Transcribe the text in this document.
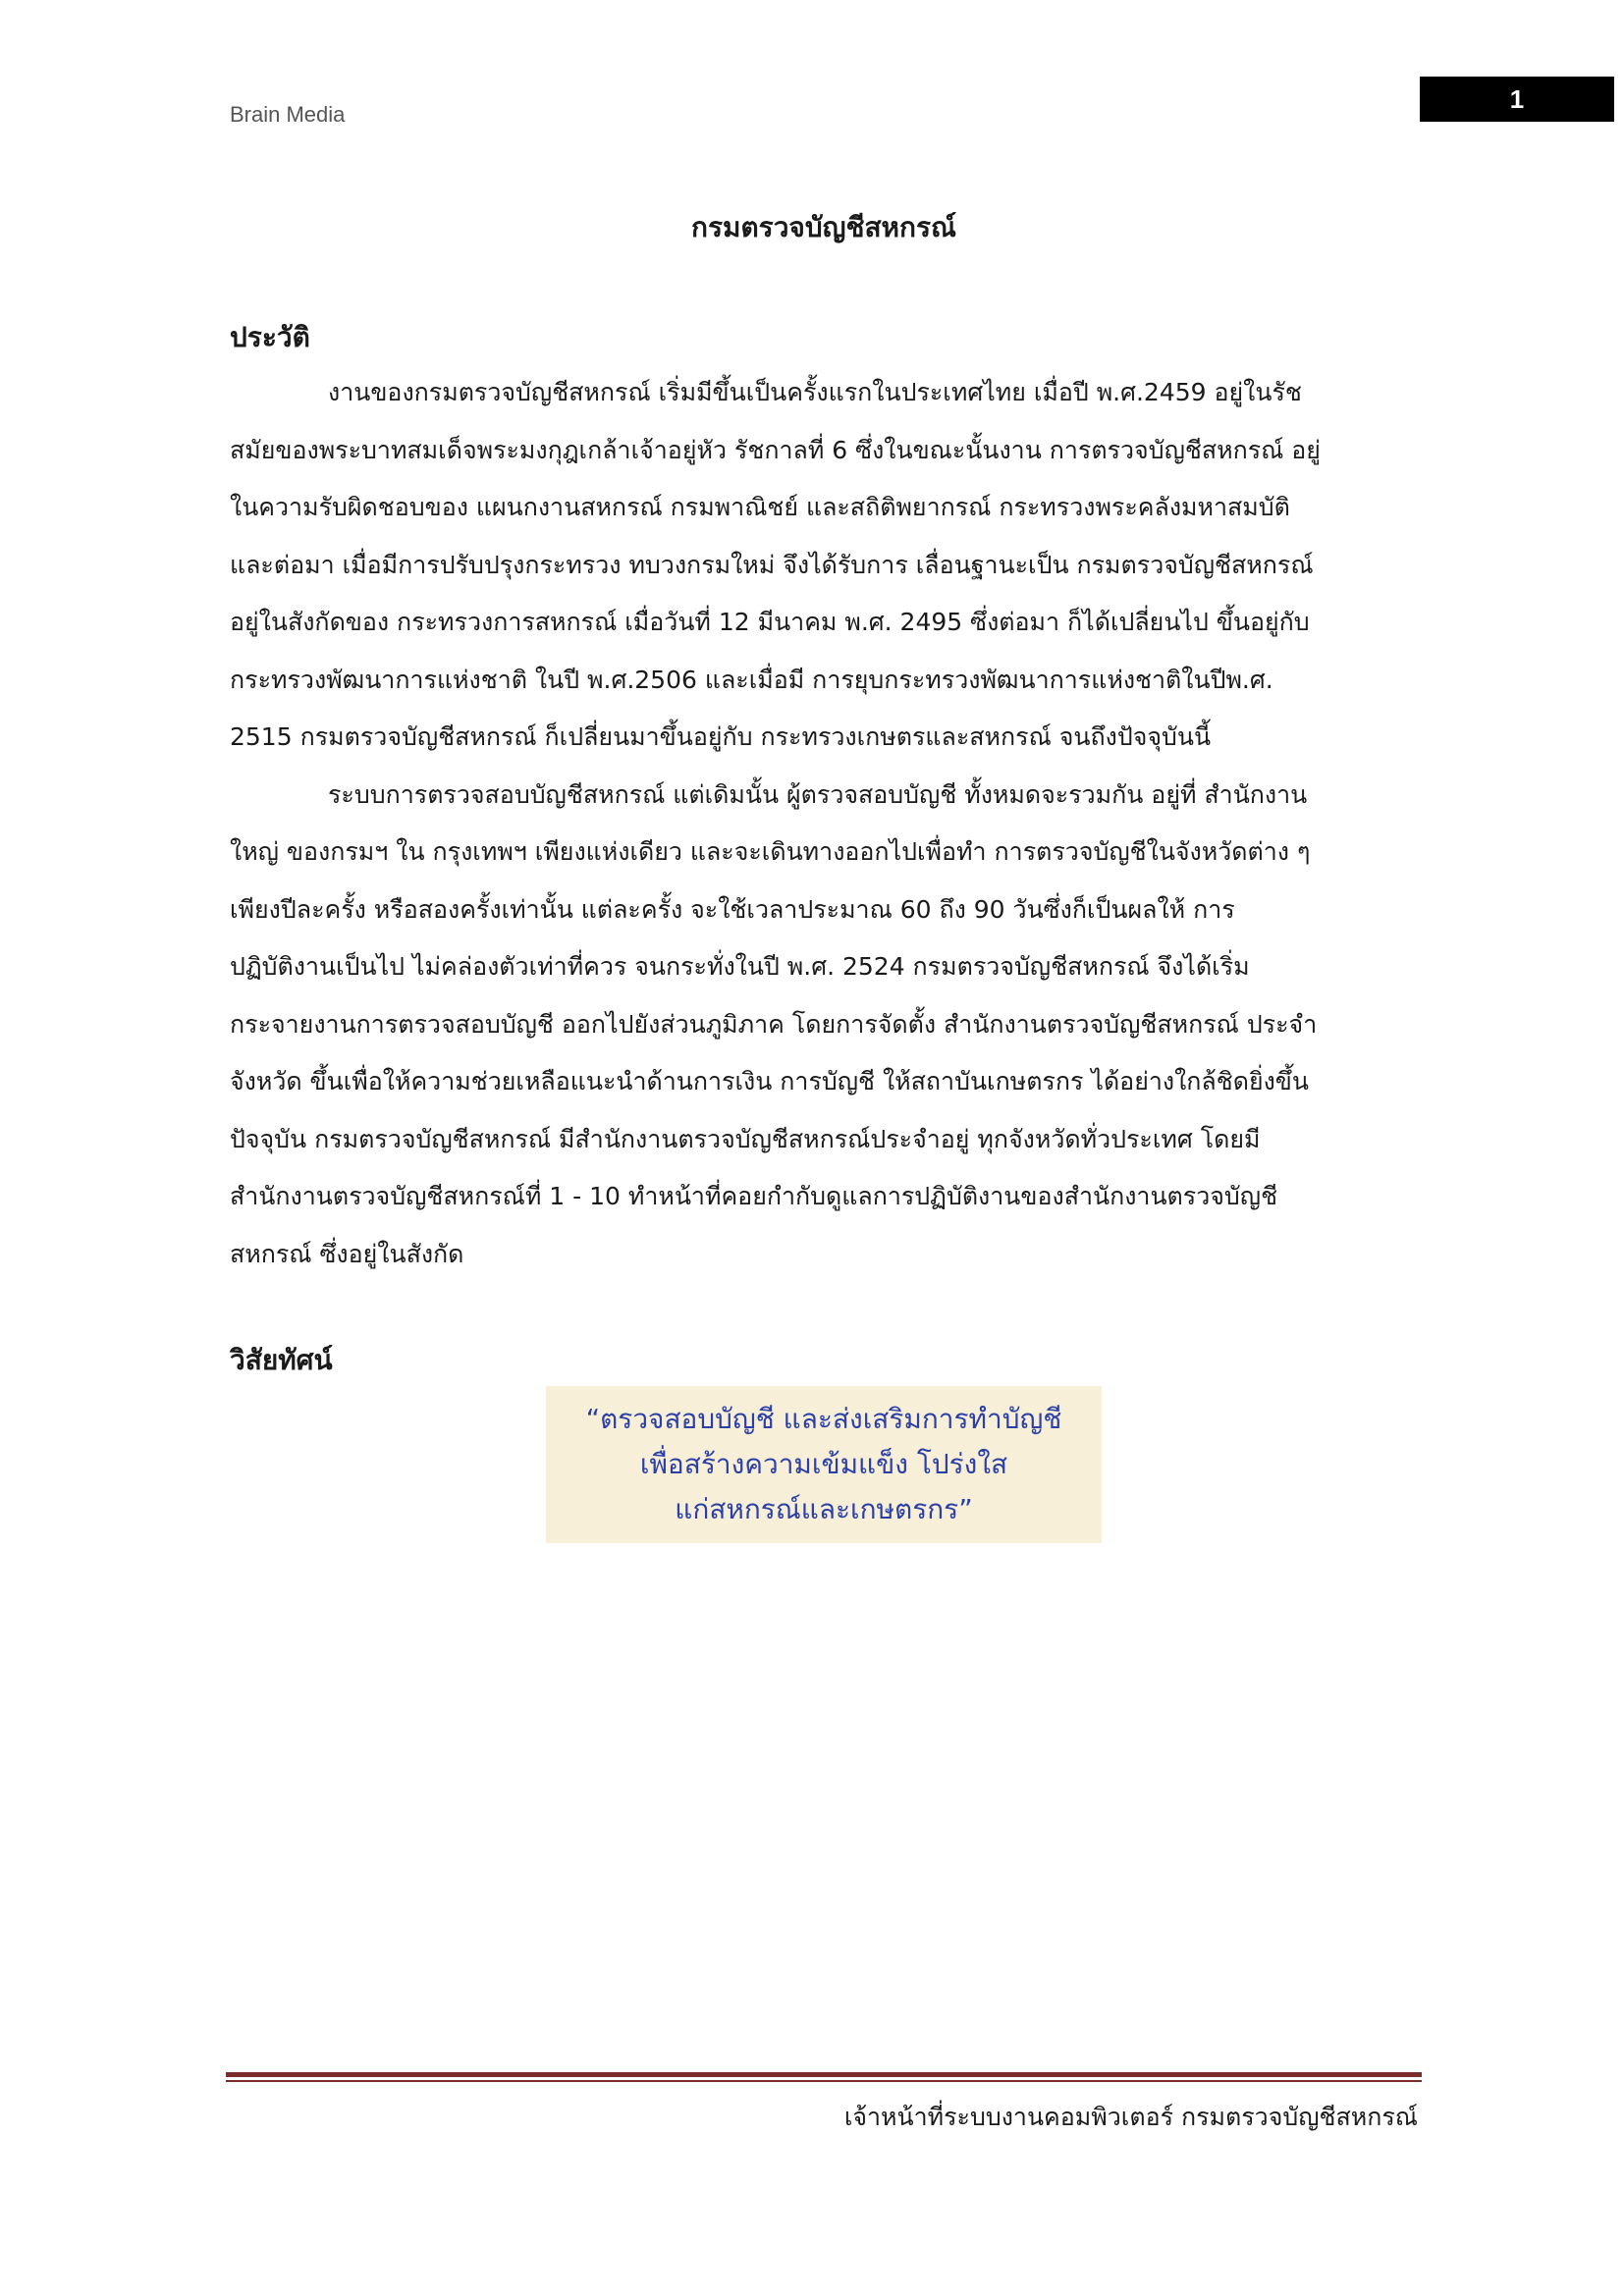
Brain Media
1
กรมตรวจบัญชีสหกรณ์
ประวัติ
งานของกรมตรวจบัญชีสหกรณ์ เริ่มมีขึ้นเป็นครั้งแรกในประเทศไทย เมื่อปี พ.ศ.2459 อยู่ในรัช
สมัยของพระบาทสมเด็จพระมงกุฎเกล้าเจ้าอยู่หัว รัชกาลที่ 6 ซึ่งในขณะนั้นงาน การตรวจบัญชีสหกรณ์ อยู่
ในความรับผิดชอบของ แผนกงานสหกรณ์ กรมพาณิชย์ และสถิติพยากรณ์ กระทรวงพระคลังมหาสมบัติ
และต่อมา เมื่อมีการปรับปรุงกระทรวง ทบวงกรมใหม่ จึงได้รับการ เลื่อนฐานะเป็น กรมตรวจบัญชีสหกรณ์
อยู่ในสังกัดของ กระทรวงการสหกรณ์ เมื่อวันที่ 12 มีนาคม พ.ศ. 2495 ซึ่งต่อมา ก็ได้เปลี่ยนไป ขึ้นอยู่กับ
กระทรวงพัฒนาการแห่งชาติ ในปี พ.ศ.2506 และเมื่อมี การยุบกระทรวงพัฒนาการแห่งชาติในปีพ.ศ.
2515 กรมตรวจบัญชีสหกรณ์ ก็เปลี่ยนมาขึ้นอยู่กับ กระทรวงเกษตรและสหกรณ์ จนถึงปัจจุบันนี้
ระบบการตรวจสอบบัญชีสหกรณ์ แต่เดิมนั้น ผู้ตรวจสอบบัญชี ทั้งหมดจะรวมกัน อยู่ที่ สำนักงาน
ใหญ่ ของกรมฯ ใน กรุงเทพฯ เพียงแห่งเดียว และจะเดินทางออกไปเพื่อทำ การตรวจบัญชีในจังหวัดต่าง ๆ
เพียงปีละครั้ง หรือสองครั้งเท่านั้น แต่ละครั้ง จะใช้เวลาประมาณ 60 ถึง 90 วันซึ่งก็เป็นผลให้ การ
ปฏิบัติงานเป็นไป ไม่คล่องตัวเท่าที่ควร จนกระทั่งในปี พ.ศ. 2524 กรมตรวจบัญชีสหกรณ์ จึงได้เริ่ม
กระจายงานการตรวจสอบบัญชี ออกไปยังส่วนภูมิภาค โดยการจัดตั้ง สำนักงานตรวจบัญชีสหกรณ์ ประจำ
จังหวัด ขึ้นเพื่อให้ความช่วยเหลือแนะนำด้านการเงิน การบัญชี ให้สถาบันเกษตรกร ได้อย่างใกล้ชิดยิ่งขึ้น
ปัจจุบัน กรมตรวจบัญชีสหกรณ์ มีสำนักงานตรวจบัญชีสหกรณ์ประจำอยู่ ทุกจังหวัดทั่วประเทศ โดยมี
สำนักงานตรวจบัญชีสหกรณ์ที่ 1 - 10 ทำหน้าที่คอยกำกับดูแลการปฏิบัติงานของสำนักงานตรวจบัญชี
สหกรณ์ ซึ่งอยู่ในสังกัด
วิสัยทัศน์
“ตรวจสอบบัญชี และส่งเสริมการทำบัญชี
เพื่อสร้างความเข้มแข็ง โปร่งใส
แก่สหกรณ์และเกษตรกร”
เจ้าหน้าที่ระบบงานคอมพิวเตอร์ กรมตรวจบัญชีสหกรณ์
